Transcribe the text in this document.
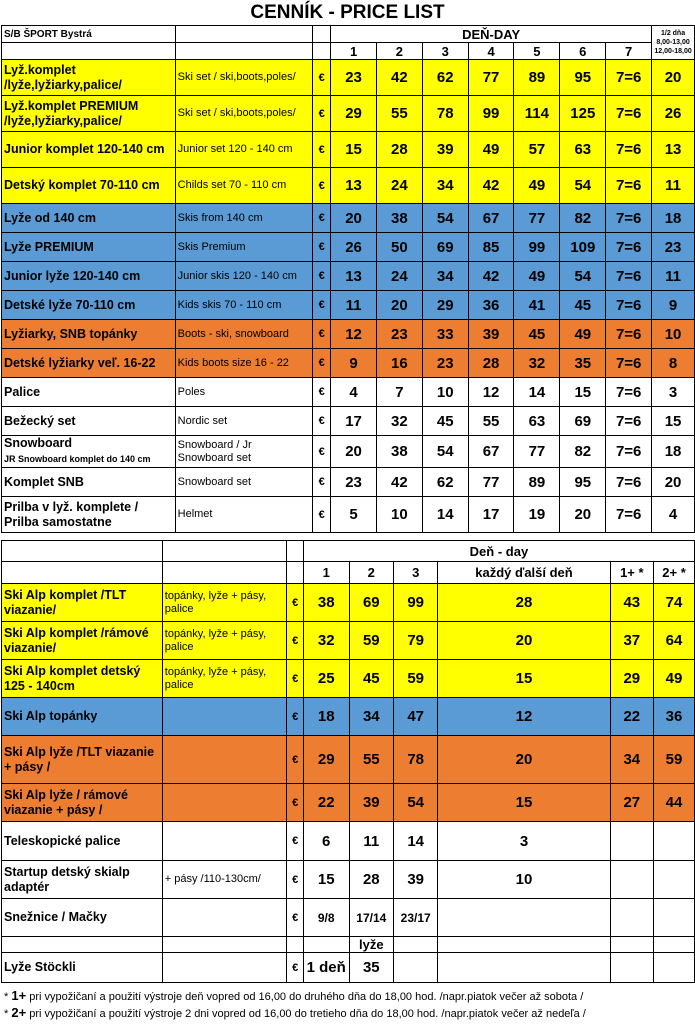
CENNÍK - PRICE LIST
S/B ŠPORT Bystrá			DEŇ-DAY							1/2 dňa
8,00-13,00 12,00-18,00
			1	2	3	4	5	6	7	
Lyž.komplet /lyže,lyžiarky,palice/	Ski set / ski,boots,poles/	€	23	42	62	77	89	95	7=6	20
Lyž.komplet PREMIUM /lyže,lyžiarky,palice/	Ski set / ski,boots,poles/	€	29	55	78	99	114	125	7=6	26
Junior komplet 120-140 cm	Junior set 120 - 140 cm	€	15	28	39	49	57	63	7=6	13
Detský komplet 70-110 cm	Childs set 70 - 110 cm	€	13	24	34	42	49	54	7=6	11
Lyže od 140 cm	Skis from 140 cm	€	20	38	54	67	77	82	7=6	18
Lyže PREMIUM	Skis Premium	€	26	50	69	85	99	109	7=6	23
Junior lyže 120-140 cm	Junior skis 120 - 140 cm	€	13	24	34	42	49	54	7=6	11
Detské lyže 70-110 cm	Kids skis 70 - 110 cm	€	11	20	29	36	41	45	7=6	9
Lyžiarky, SNB topánky	Boots - ski, snowboard	€	12	23	33	39	45	49	7=6	10
Detské lyžiarky veľ. 16-22	Kids boots size 16 - 22	€	9	16	23	28	32	35	7=6	8
Palice	Poles	€	4	7	10	12	14	15	7=6	3
Bežecký set	Nordic set	€	17	32	45	55	63	69	7=6	15
Snowboard
JR Snowboard komplet do 140 cm	Snowboard / Jr Snowboard set	€	20	38	54	67	77	82	7=6	18
Komplet SNB	Snowboard set	€	23	42	62	77	89	95	7=6	20
Prilba v lyž. komplete / Prilba samostatne	Helmet	€	5	10	14	17	19	20	7=6	4
			Deň - day					
			1	2	3	každý ďalší deň	1+ *	2+ *
Ski Alp komplet /TLT viazanie/	topánky, lyže + pásy, palice	€	38	69	99	28	43	74
Ski Alp komplet /rámové viazanie/	topánky, lyže + pásy, palice	€	32	59	79	20	37	64
Ski Alp komplet detský 125 - 140cm	topánky, lyže + pásy, palice	€	25	45	59	15	29	49
Ski Alp topánky		€	18	34	47	12	22	36
Ski Alp lyže /TLT viazanie + pásy /		€	29	55	78	20	34	59
Ski Alp lyže / rámové viazanie + pásy /		€	22	39	54	15	27	44
Teleskopické palice		€	6	11	14	3		
Startup detský skialp adaptér	+ pásy /110-130cm/	€	15	28	39	10		
Snežnice / Mačky		€	9/8	17/14	23/17			
				lyže				
Lyže Stöckli		€	1 deň	35				
* 1+ pri vypožičaní a použití výstroje deň vopred od 16,00 do druhého dňa do 18,00 hod. /napr.piatok večer až sobota /
* 2+ pri vypožičaní a použití výstroje 2 dni vopred od 16,00 do tretieho dňa do 18,00 hod. /napr.piatok večer až nedeľa /
